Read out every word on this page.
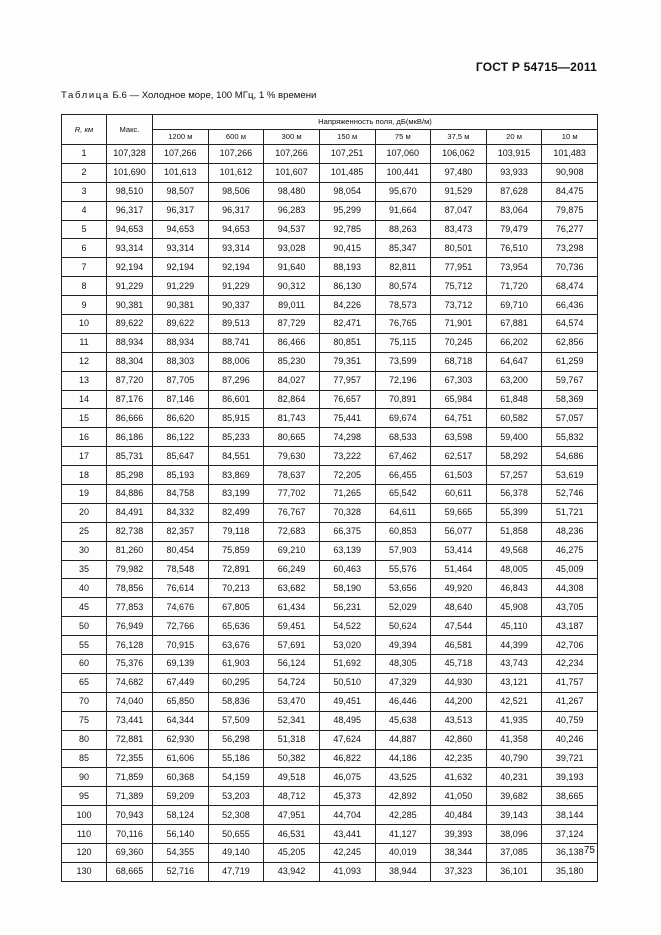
ГОСТ Р 54715—2011
Таблица Б.6 — Холодное море, 100 МГц, 1 % времени
R, км	Макс.	Напряженность поля, дБ(мкВ/м)							
		1200 м	600 м	300 м	150 м	75 м	37,5 м	20 м	10 м
1	107,328	107,266	107,266	107,266	107,251	107,060	106,062	103,915	101,483
2	101,690	101,613	101,612	101,607	101,485	100,441	97,480	93,933	90,908
3	98,510	98,507	98,506	98,480	98,054	95,670	91,529	87,628	84,475
4	96,317	96,317	96,317	96,283	95,299	91,664	87,047	83,064	79,875
5	94,653	94,653	94,653	94,537	92,785	88,263	83,473	79,479	76,277
6	93,314	93,314	93,314	93,028	90,415	85,347	80,501	76,510	73,298
7	92,194	92,194	92,194	91,640	88,193	82,811	77,951	73,954	70,736
8	91,229	91,229	91,229	90,312	86,130	80,574	75,712	71,720	68,474
9	90,381	90,381	90,337	89,011	84,226	78,573	73,712	69,710	66,436
10	89,622	89,622	89,513	87,729	82,471	76,765	71,901	67,881	64,574
11	88,934	88,934	88,741	86,466	80,851	75,115	70,245	66,202	62,856
12	88,304	88,303	88,006	85,230	79,351	73,599	68,718	64,647	61,259
13	87,720	87,705	87,296	84,027	77,957	72,196	67,303	63,200	59,767
14	87,176	87,146	86,601	82,864	76,657	70,891	65,984	61,848	58,369
15	86,666	86,620	85,915	81,743	75,441	69,674	64,751	60,582	57,057
16	86,186	86,122	85,233	80,665	74,298	68,533	63,598	59,400	55,832
17	85,731	85,647	84,551	79,630	73,222	67,462	62,517	58,292	54,686
18	85,298	85,193	83,869	78,637	72,205	66,455	61,503	57,257	53,619
19	84,886	84,758	83,199	77,702	71,265	65,542	60,611	56,378	52,746
20	84,491	84,332	82,499	76,767	70,328	64,611	59,665	55,399	51,721
25	82,738	82,357	79,118	72,683	66,375	60,853	56,077	51,858	48,236
30	81,260	80,454	75,859	69,210	63,139	57,903	53,414	49,568	46,275
35	79,982	78,548	72,891	66,249	60,463	55,576	51,464	48,005	45,009
40	78,856	76,614	70,213	63,682	58,190	53,656	49,920	46,843	44,308
45	77,853	74,676	67,805	61,434	56,231	52,029	48,640	45,908	43,705
50	76,949	72,766	65,636	59,451	54,522	50,624	47,544	45,110	43,187
55	76,128	70,915	63,676	57,691	53,020	49,394	46,581	44,399	42,706
60	75,376	69,139	61,903	56,124	51,692	48,305	45,718	43,743	42,234
65	74,682	67,449	60,295	54,724	50,510	47,329	44,930	43,121	41,757
70	74,040	65,850	58,836	53,470	49,451	46,446	44,200	42,521	41,267
75	73,441	64,344	57,509	52,341	48,495	45,638	43,513	41,935	40,759
80	72,881	62,930	56,298	51,318	47,624	44,887	42,860	41,358	40,246
85	72,355	61,606	55,186	50,382	46,822	44,186	42,235	40,790	39,721
90	71,859	60,368	54,159	49,518	46,075	43,525	41,632	40,231	39,193
95	71,389	59,209	53,203	48,712	45,373	42,892	41,050	39,682	38,665
100	70,943	58,124	52,308	47,951	44,704	42,285	40,484	39,143	38,144
110	70,116	56,140	50,655	46,531	43,441	41,127	39,393	38,096	37,124
120	69,360	54,355	49,140	45,205	42,245	40,019	38,344	37,085	36,138
130	68,665	52,716	47,719	43,942	41,093	38,944	37,323	36,101	35,180
75
